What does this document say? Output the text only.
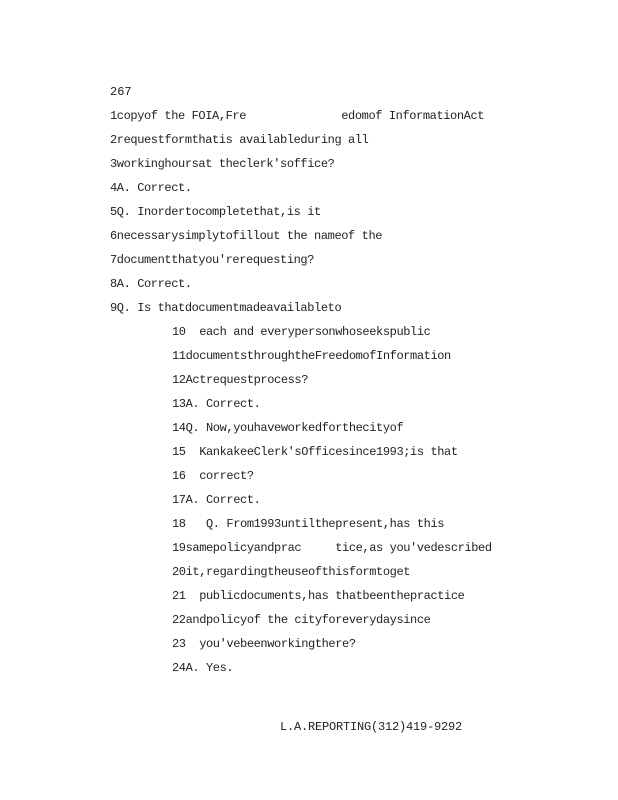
267
1copyof the FOIA,Fre              edomof InformationAct
2requestformthatis availableduring all
3workinghoursat theclerk'soffice?
4A. Correct.
5Q. Inordertocompletethat,is it
6necessarysimplytofillout the nameof the
7documentthatyou'rerequesting?
8A. Correct.
9Q. Is thatdocumentmadeavailableto
10  each and everypersonwhoseekspublic
11documentsthroughtheFreedomofInformation
12Actrequestprocess?
13A. Correct.
14Q. Now,youhaveworkedforthecityof
15  KankakeeClerk'sOfficesince1993;is that
16  correct?
17A. Correct.
18   Q. From1993untilthepresent,has this
19samepolicyandprac     tice,as you'vedescribed
20it,regardingtheuseofthisformtoget
21  publicdocuments,has thatbeenthepractice
22andpolicyof the cityforeverydaysince
23  you'vebeenworkingthere?
24A. Yes.
L.A.REPORTING(312)419-9292
